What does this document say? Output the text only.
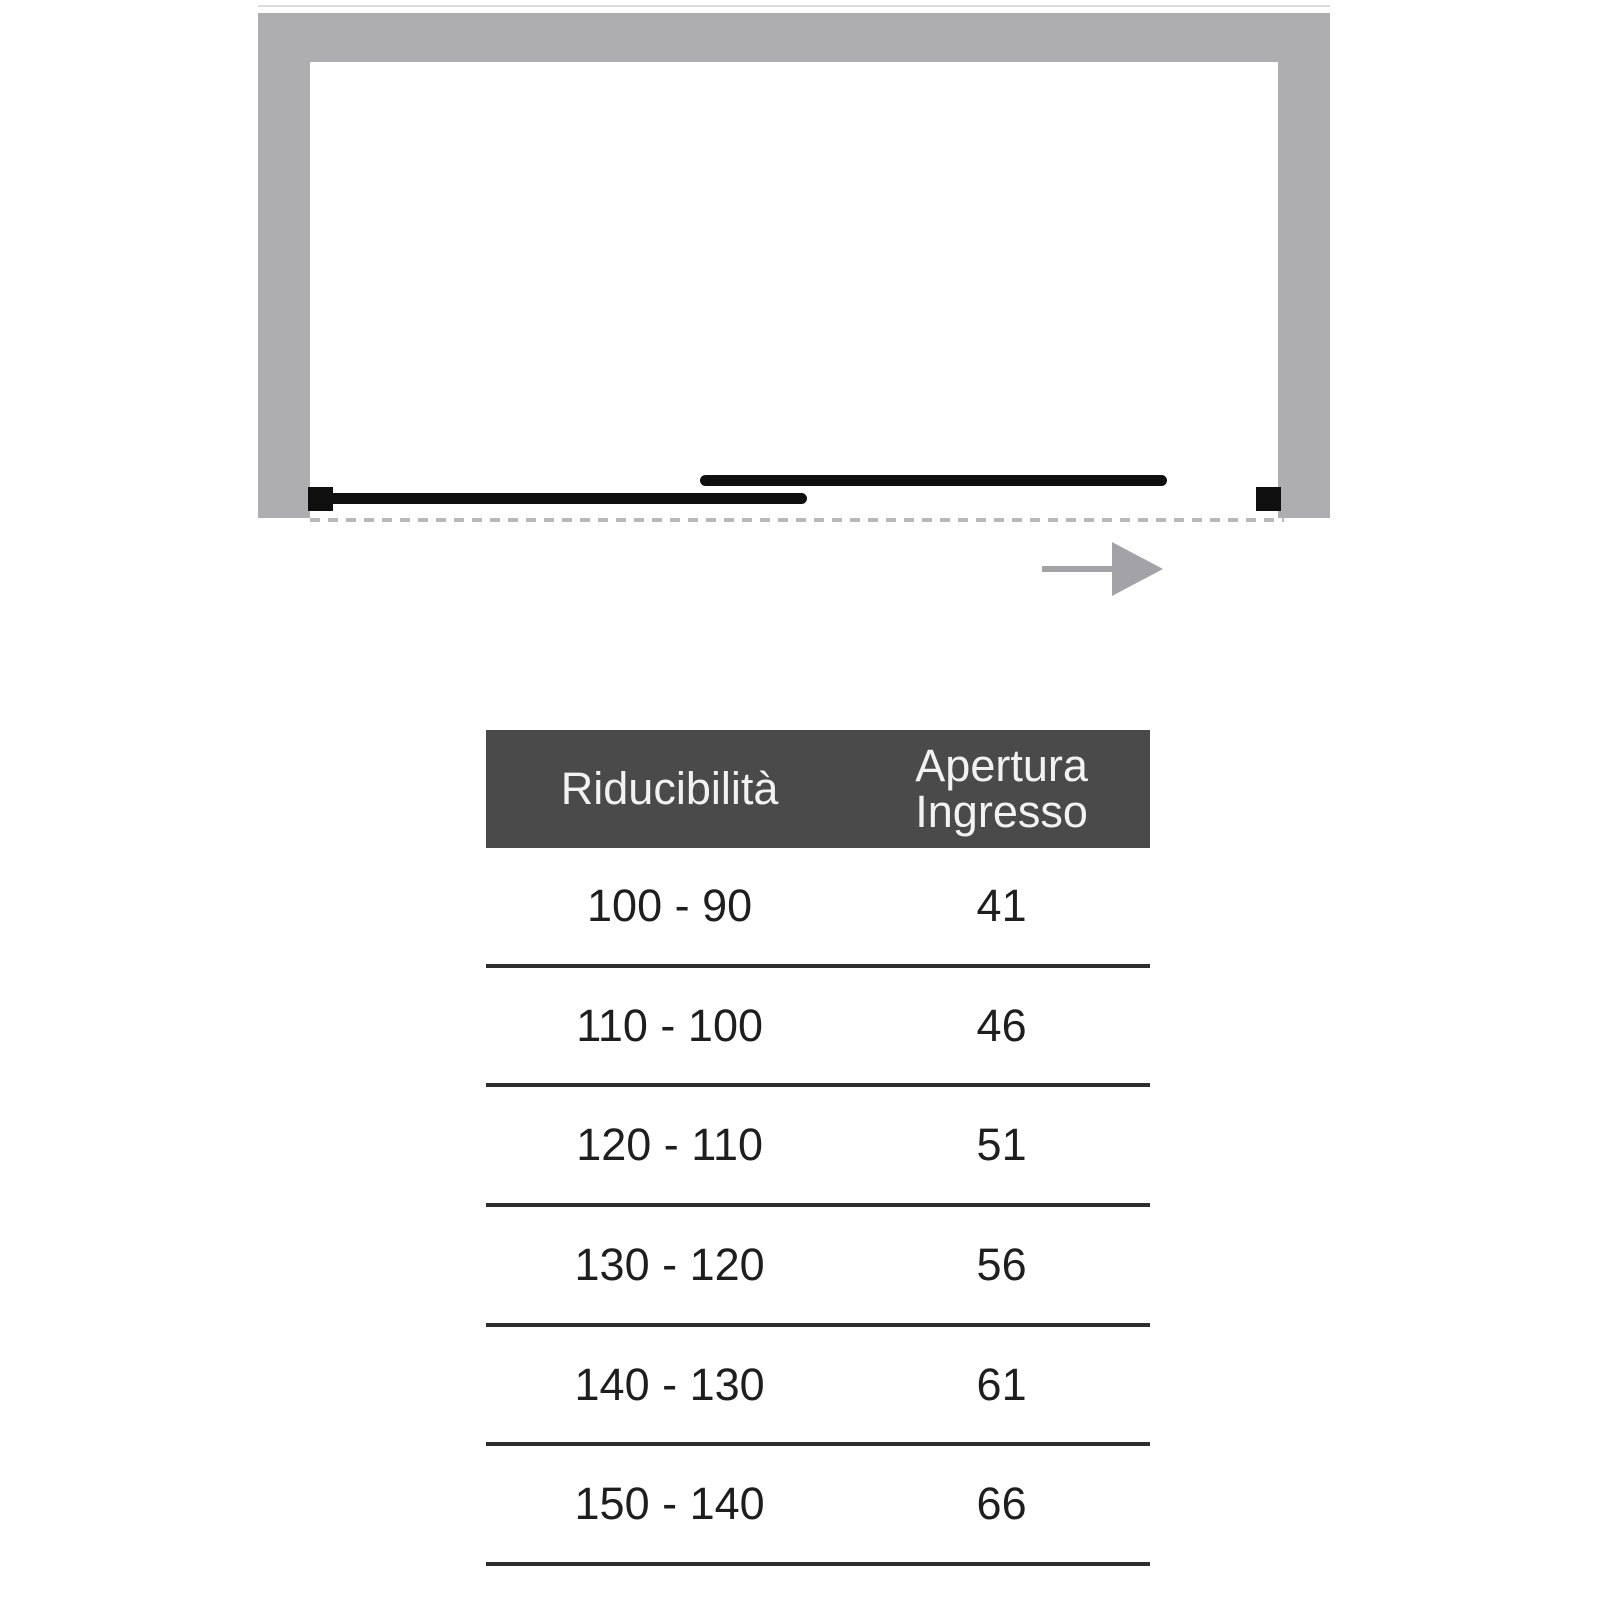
Riducibilità	Apertura
Ingresso
100 - 90	41
110 - 100	46
120 - 110	51
130 - 120	56
140 - 130	61
150 - 140	66
